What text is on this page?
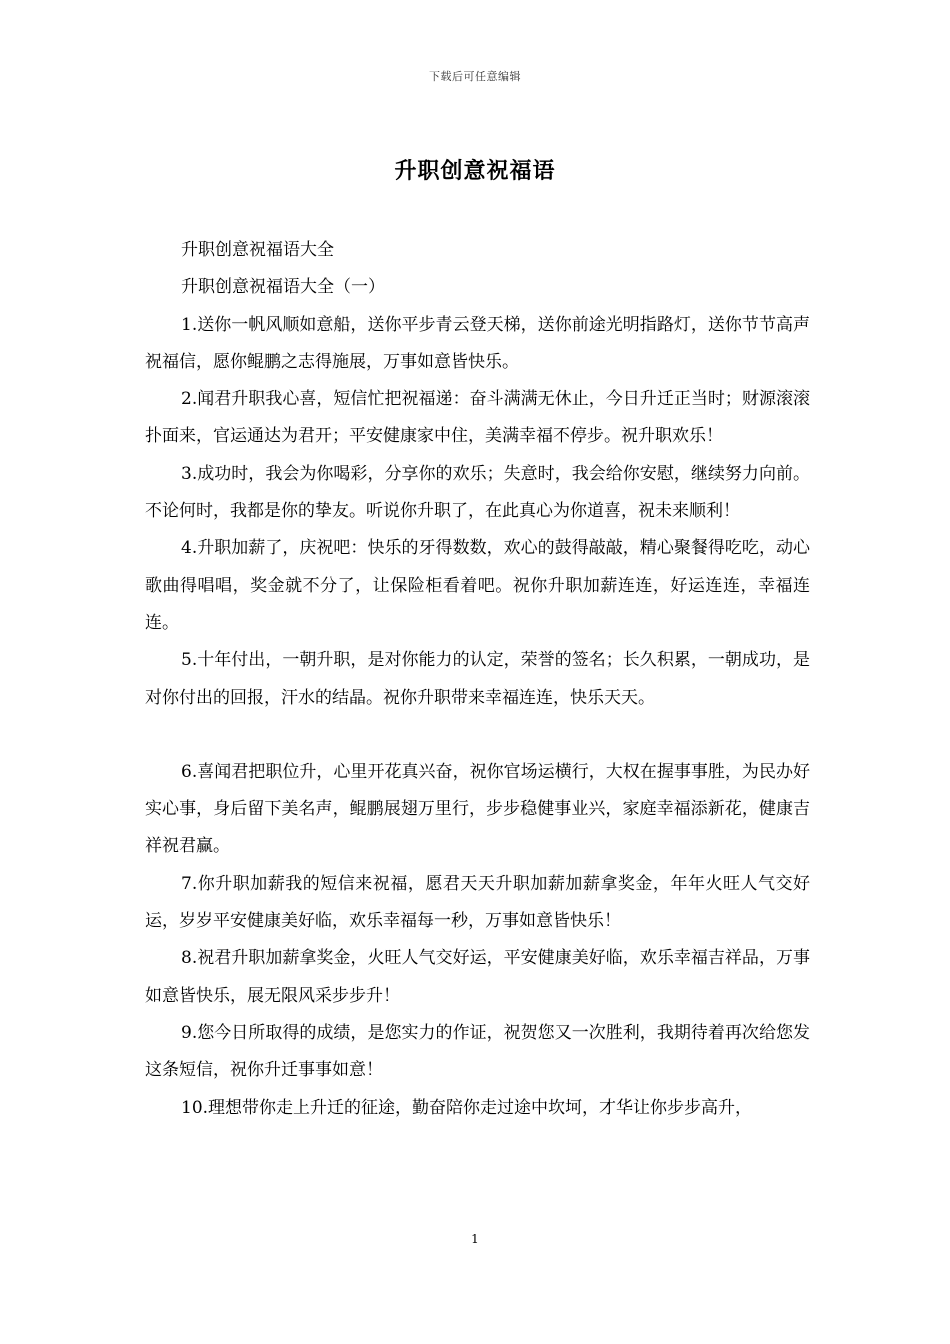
下载后可任意编辑
升职创意祝福语

升职创意祝福语大全

升职创意祝福语大全（一）

1.送你一帆风顺如意船，送你平步青云登天梯，送你前途光明指路灯，送你节节高声祝福信，愿你鲲鹏之志得施展，万事如意皆快乐。

2.闻君升职我心喜，短信忙把祝福递：奋斗满满无休止，今日升迁正当时；财源滚滚扑面来，官运通达为君开；平安健康家中住，美满幸福不停步。祝升职欢乐！

3.成功时，我会为你喝彩，分享你的欢乐；失意时，我会给你安慰，继续努力向前。不论何时，我都是你的挚友。听说你升职了，在此真心为你道喜，祝未来顺利！

4.升职加薪了，庆祝吧：快乐的牙得数数，欢心的鼓得敲敲，精心聚餐得吃吃，动心歌曲得唱唱，奖金就不分了，让保险柜看着吧。祝你升职加薪连连，好运连连，幸福连连。

5.十年付出，一朝升职，是对你能力的认定，荣誉的签名；长久积累，一朝成功，是对你付出的回报，汗水的结晶。祝你升职带来幸福连连，快乐天天。

6.喜闻君把职位升，心里开花真兴奋，祝你官场运横行，大权在握事事胜，为民办好实心事，身后留下美名声，鲲鹏展翅万里行，步步稳健事业兴，家庭幸福添新花，健康吉祥祝君赢。

7.你升职加薪我的短信来祝福，愿君天天升职加薪加薪拿奖金，年年火旺人气交好运，岁岁平安健康美好临，欢乐幸福每一秒，万事如意皆快乐！

8.祝君升职加薪拿奖金，火旺人气交好运，平安健康美好临，欢乐幸福吉祥品，万事如意皆快乐，展无限风采步步升！

9.您今日所取得的成绩，是您实力的作证，祝贺您又一次胜利，我期待着再次给您发这条短信，祝你升迁事事如意！

10.理想带你走上升迁的征途，勤奋陪你走过途中坎坷，才华让你步步高升，

1
